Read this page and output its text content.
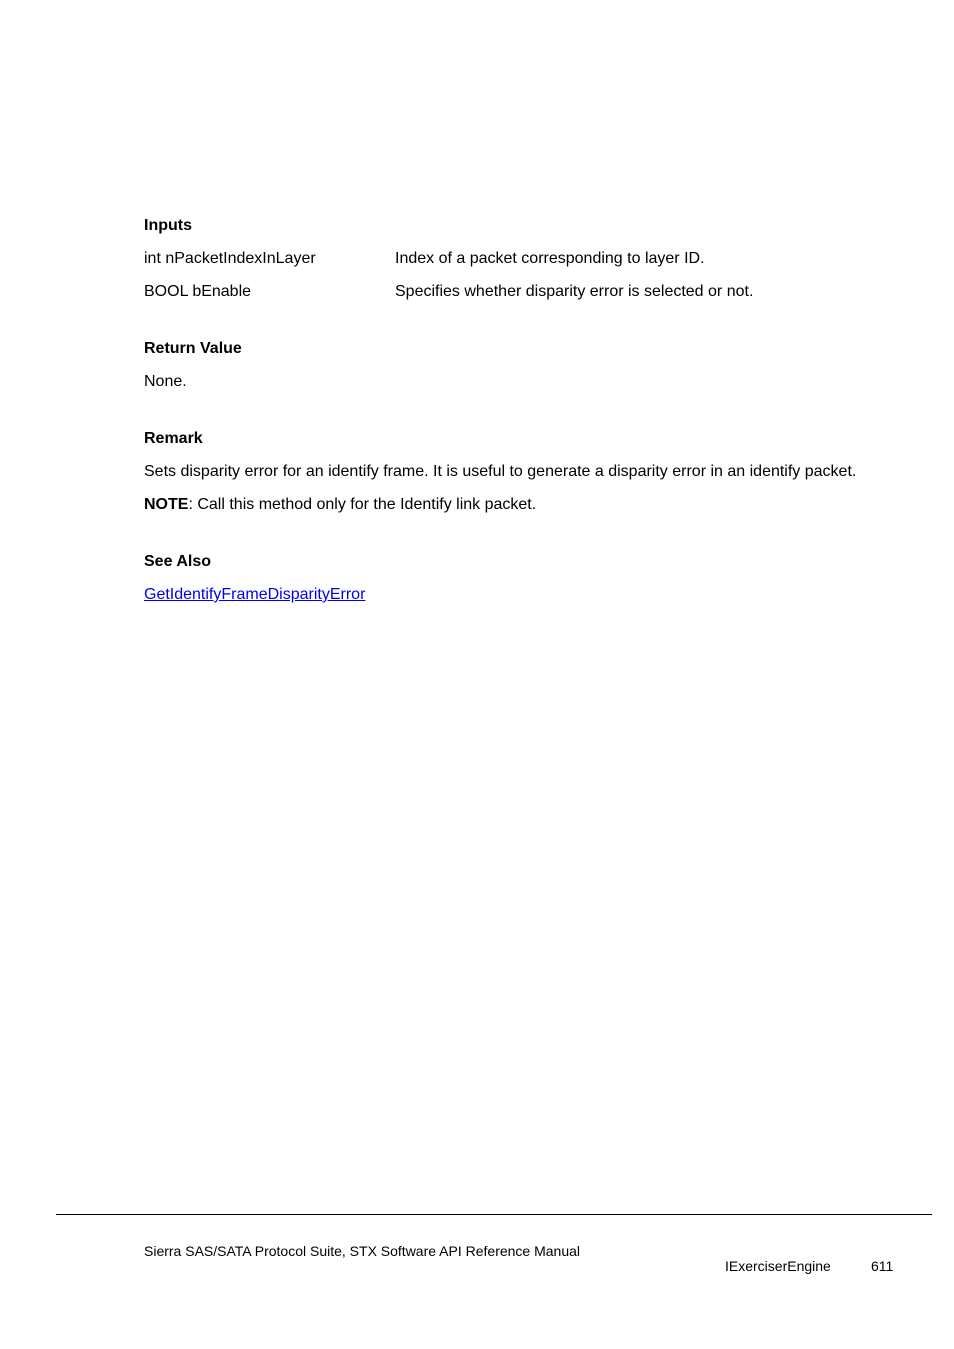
Inputs
int nPacketIndexInLayer	Index of a packet corresponding to layer ID.
BOOL bEnable	Specifies whether disparity error is selected or not.
Return Value
None.
Remark
Sets disparity error for an identify frame. It is useful to generate a disparity error in an identify packet.
NOTE: Call this method only for the Identify link packet.
See Also
GetIdentifyFrameDisparityError
Sierra SAS/SATA Protocol Suite, STX Software API Reference Manual
IExerciserEngine	611
